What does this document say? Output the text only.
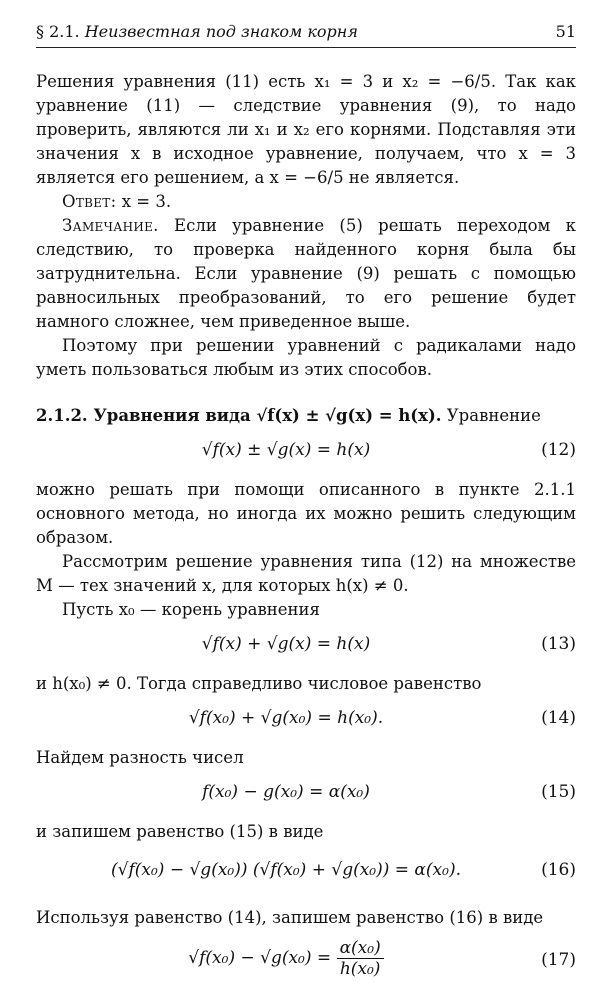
§ 2.1. Неизвестная под знаком корня	51

Решения уравнения (11) есть x₁ = 3 и x₂ = −6/5. Так как уравнение (11) — следствие уравнения (9), то надо проверить, являются ли x₁ и x₂ его корнями. Подставляя эти значения x в исходное уравнение, получаем, что x = 3 является его решением, а x = −6/5 не является.

Ответ: x = 3.

Замечание. Если уравнение (5) решать переходом к следствию, то проверка найденного корня была бы затруднительна. Если уравнение (9) решать с помощью равносильных преобразований, то его решение будет намного сложнее, чем приведенное выше.

Поэтому при решении уравнений с радикалами надо уметь пользоваться любым из этих способов.

2.1.2. Уравнения вида √f(x) ± √g(x) = h(x). Уравнение

√f(x) ± √g(x) = h(x)	(12)

можно решать при помощи описанного в пункте 2.1.1 основного метода, но иногда их можно решить следующим образом.

Рассмотрим решение уравнения типа (12) на множестве M — тех значений x, для которых h(x) ≠ 0.

Пусть x₀ — корень уравнения

√f(x) + √g(x) = h(x)	(13)

и h(x₀) ≠ 0. Тогда справедливо числовое равенство

√f(x₀) + √g(x₀) = h(x₀).	(14)

Найдем разность чисел

f(x₀) − g(x₀) = α(x₀)	(15)

и запишем равенство (15) в виде

(√f(x₀) − √g(x₀)) (√f(x₀) + √g(x₀)) = α(x₀).	(16)

Используя равенство (14), запишем равенство (16) в виде

$√f(x_0) - √g(x_0) = \frac{\text{α(x₀)}}{\text{h(x₀)}}$	(17)
